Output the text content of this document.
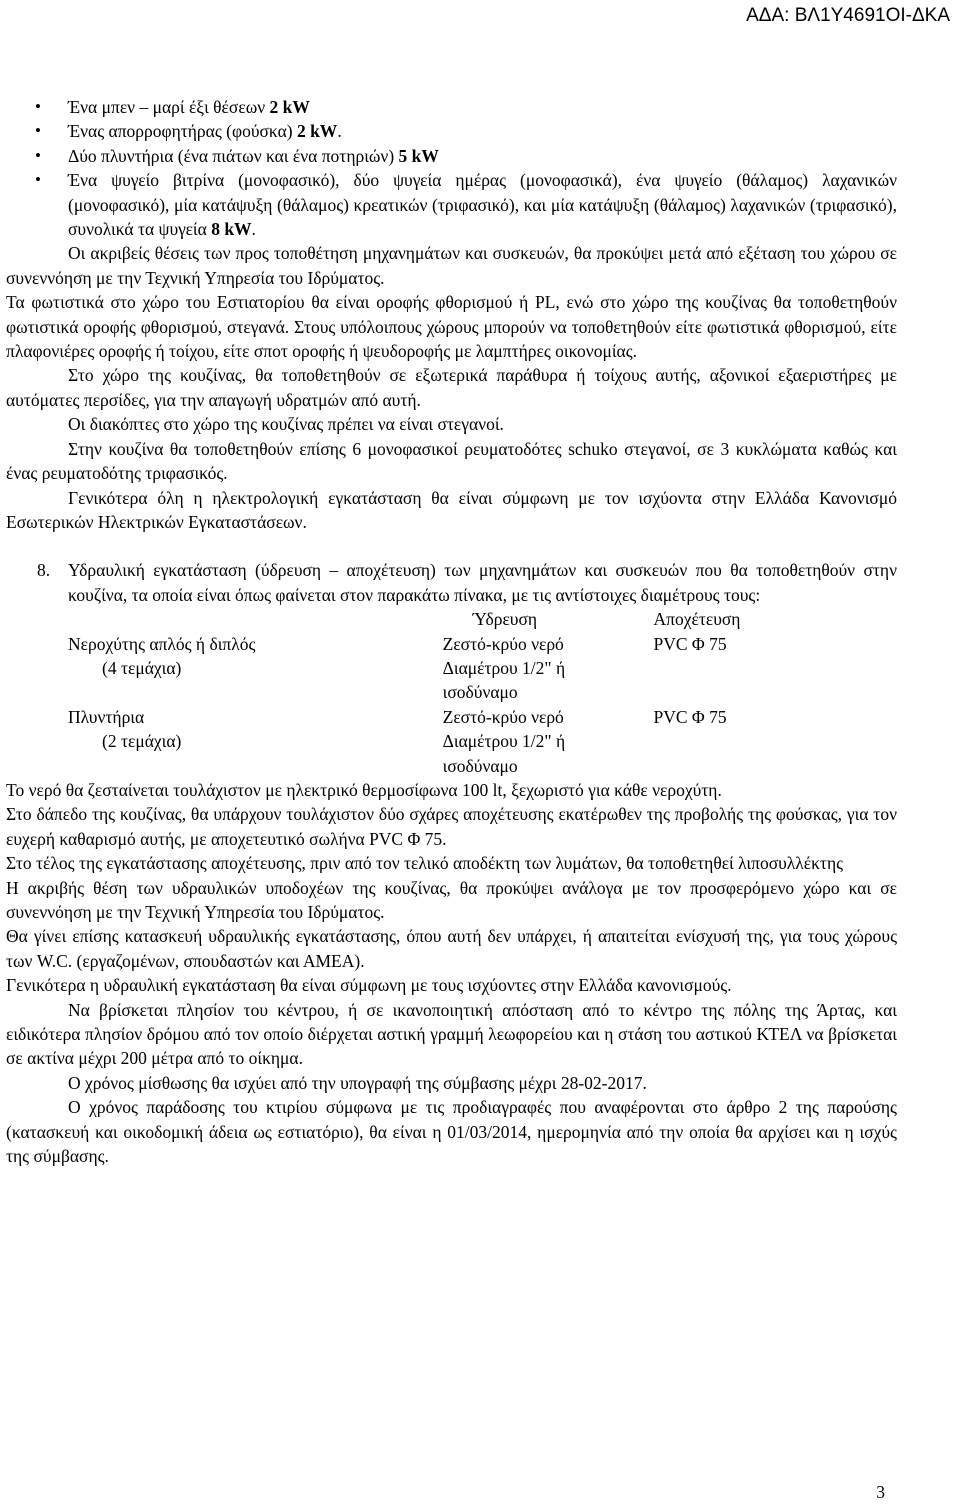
ΑΔΑ: ΒΛ1Υ4691ΟΙ-ΔΚΑ
• Ένα μπεν – μαρί έξι θέσεων 2 kW
• Ένας απορροφητήρας (φούσκα) 2 kW.
• Δύο πλυντήρια (ένα πιάτων και ένα ποτηριών) 5 kW
• Ένα ψυγείο βιτρίνα (μονοφασικό), δύο ψυγεία ημέρας (μονοφασικά), ένα ψυγείο (θάλαμος) λαχανικών (μονοφασικό), μία κατάψυξη (θάλαμος) κρεατικών (τριφασικό), και μία κατάψυξη (θάλαμος) λαχανικών (τριφασικό), συνολικά τα ψυγεία 8 kW.

Οι ακριβείς θέσεις των προς τοποθέτηση μηχανημάτων και συσκευών, θα προκύψει μετά από εξέταση του χώρου σε συνεννόηση με την Τεχνική Υπηρεσία του Ιδρύματος.

Τα φωτιστικά στο χώρο του Εστιατορίου θα είναι οροφής φθορισμού ή PL, ενώ στο χώρο της κουζίνας θα τοποθετηθούν φωτιστικά οροφής φθορισμού, στεγανά. Στους υπόλοιπους χώρους μπορούν να τοποθετηθούν είτε φωτιστικά φθορισμού, είτε πλαφονιέρες οροφής ή τοίχου, είτε σποτ οροφής ή ψευδοροφής με λαμπτήρες οικονομίας.

Στο χώρο της κουζίνας, θα τοποθετηθούν σε εξωτερικά παράθυρα ή τοίχους αυτής, αξονικοί εξαεριστήρες με αυτόματες περσίδες, για την απαγωγή υδρατμών από αυτή.

Οι διακόπτες στο χώρο της κουζίνας πρέπει να είναι στεγανοί.

Στην κουζίνα θα τοποθετηθούν επίσης 6 μονοφασικοί ρευματοδότες schuko στεγανοί, σε 3 κυκλώματα καθώς και ένας ρευματοδότης τριφασικός.

Γενικότερα όλη η ηλεκτρολογική εγκατάσταση θα είναι σύμφωνη με τον ισχύοντα στην Ελλάδα Κανονισμό Εσωτερικών Ηλεκτρικών Εγκαταστάσεων.

8. Υδραυλική εγκατάσταση (ύδρευση – αποχέτευση) των μηχανημάτων και συσκευών που θα τοποθετηθούν στην κουζίνα, τα οποία είναι όπως φαίνεται στον παρακάτω πίνακα, με τις αντίστοιχες διαμέτρους τους:
	Ύδρευση	Αποχέτευση
Νεροχύτης απλός ή διπλός	Ζεστό-κρύο νερό	PVC Φ 75
(4 τεμάχια)	Διαμέτρου 1/2" ή	
	ισοδύναμο	
Πλυντήρια	Ζεστό-κρύο νερό	PVC Φ 75
(2 τεμάχια)	Διαμέτρου 1/2" ή	
	ισοδύναμο	

Το νερό θα ζεσταίνεται τουλάχιστον με ηλεκτρικό θερμοσίφωνα 100 lt, ξεχωριστό για κάθε νεροχύτη.

Στο δάπεδο της κουζίνας, θα υπάρχουν τουλάχιστον δύο σχάρες αποχέτευσης εκατέρωθεν της προβολής της φούσκας, για τον ευχερή καθαρισμό αυτής, με αποχετευτικό σωλήνα PVC Φ 75.

Στο τέλος της εγκατάστασης αποχέτευσης, πριν από τον τελικό αποδέκτη των λυμάτων, θα τοποθετηθεί λιποσυλλέκτης

Η ακριβής θέση των υδραυλικών υποδοχέων της κουζίνας, θα προκύψει ανάλογα με τον προσφερόμενο χώρο και σε συνεννόηση με την Τεχνική Υπηρεσία του Ιδρύματος.

Θα γίνει επίσης κατασκευή υδραυλικής εγκατάστασης, όπου αυτή δεν υπάρχει, ή απαιτείται ενίσχυσή της, για τους χώρους των W.C. (εργαζομένων, σπουδαστών και ΑΜΕΑ).

Γενικότερα η υδραυλική εγκατάσταση θα είναι σύμφωνη με τους ισχύοντες στην Ελλάδα κανονισμούς.

Να βρίσκεται πλησίον του κέντρου, ή σε ικανοποιητική απόσταση από το κέντρο της πόλης της Άρτας, και ειδικότερα πλησίον δρόμου από τον οποίο διέρχεται αστική γραμμή λεωφορείου και η στάση του αστικού ΚΤΕΛ να βρίσκεται σε ακτίνα μέχρι 200 μέτρα από το οίκημα.

Ο χρόνος μίσθωσης θα ισχύει από την υπογραφή της σύμβασης μέχρι 28-02-2017.

Ο χρόνος παράδοσης του κτιρίου σύμφωνα με τις προδιαγραφές που αναφέρονται στο άρθρο 2 της παρούσης (κατασκευή και οικοδομική άδεια ως εστιατόριο), θα είναι η 01/03/2014, ημερομηνία από την οποία θα αρχίσει και η ισχύς της σύμβασης.

3
